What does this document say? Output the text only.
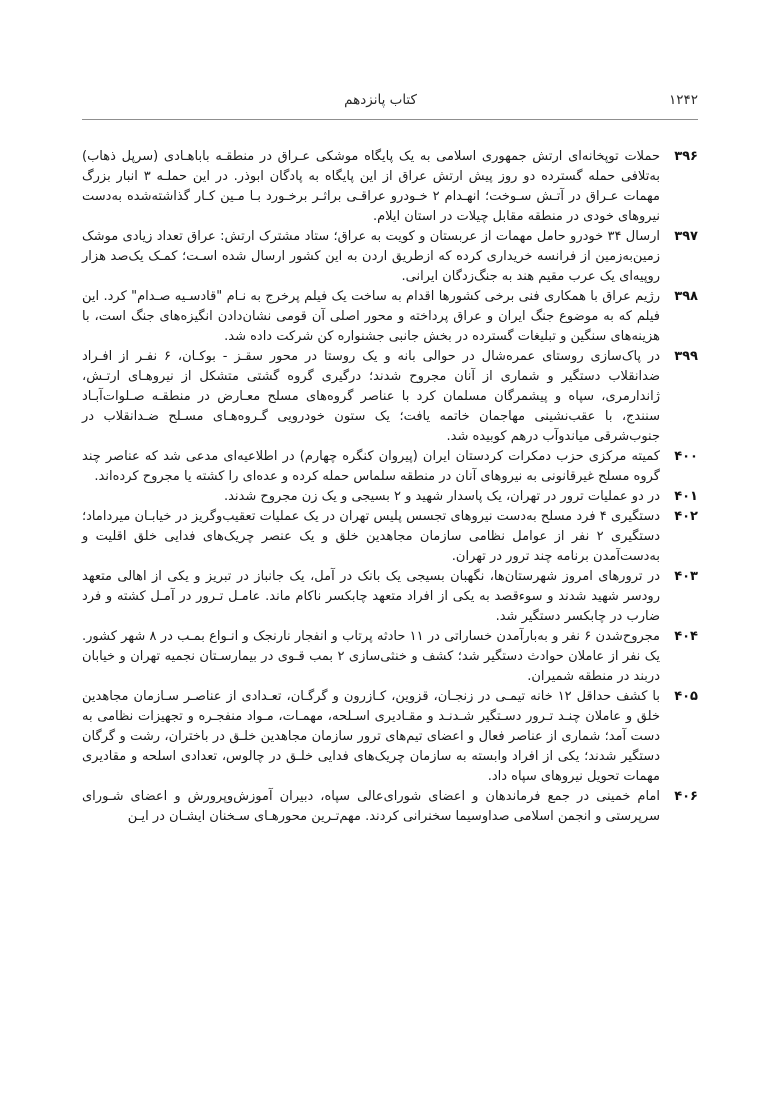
کتاب پانزدهم	۱۲۴۲
۳۹۶
حملات توپخانه‌ای ارتش جمهوری اسلامی به یک پایگاه موشکی عـراق در منطقـه باباهـادی (سرپل ذهاب) به‌تلافی حمله گسترده دو روز پیش ارتش عراق از این پایگاه به پادگان ابوذر. در این حملـه ۳ انبار بزرگ مهمات عـراق در آتـش سـوخت؛ انهـدام ۲ خـودرو عراقـی براثـر برخـورد بـا مـین کـار گذاشته‌شده به‌دست نیروهای خودی در منطقه مقابل چیلات در استان ایلام.
۳۹۷
ارسال ۳۴ خودرو حامل مهمات از عربستان و کویت به عراق؛ ستاد مشترک ارتش: عراق تعداد زیادی موشک زمین‌به‌زمین از فرانسه خریداری کرده که ازطریق اردن به این کشور ارسال شده اسـت؛ کمـک یک‌صد هزار روپیه‌ای یک عرب مقیم هند به جنگ‌زدگان ایرانی.
۳۹۸
رژیم عراق با همکاری فنی برخی کشورها اقدام به ساخت یک فیلم پرخرج به نـام "قادسـیه صـدام" کرد. این فیلم که به موضوع جنگ ایران و عراق پرداخته و محور اصلی آن قومی نشان‌دادن انگیزه‌های جنگ است، با هزینه‌های سنگین و تبلیغات گسترده در بخش جانبی جشنواره کن شرکت داده شد.
۳۹۹
در پاک‌سازی روستای عمره‌شال در حوالی بانه و یک روستا در محور سقـز - بوکـان، ۶ نفـر از افـراد ضدانقلاب دستگیر و شماری از آنان مجروح شدند؛ درگیری گروه گشتی متشکل از نیروهـای ارتـش، ژاندارمری، سپاه و پیشمرگان مسلمان کرد با عناصر گروه‌های مسلح معـارض در منطقـه صـلوات‌آبـاد سنندج، با عقب‌نشینی مهاجمان خاتمه یافت؛ یک ستون خودرویی گـروه‌هـای مسـلح ضـدانقلاب در جنوب‌شرقی میاندوآب درهم کوبیده شد.
۴۰۰
کمیته مرکزی حزب دمکرات کردستان ایران (پیروان کنگره چهارم) در اطلاعیه‌ای مدعی شد که عناصر چند گروه مسلح غیرقانونی به نیروهای آنان در منطقه سلماس حمله کرده و عده‌ای را کشته یا مجروح کرده‌اند.
۴۰۱
در دو عملیات ترور در تهران، یک پاسدار شهید و ۲ بسیجی و یک زن مجروح شدند.
۴۰۲
دستگیری ۴ فرد مسلح به‌دست نیروهای تجسس پلیس تهران در یک عملیات تعقیب‌وگریز در خیابـان میرداماد؛ دستگیری ۲ نفر از عوامل نظامی سازمان مجاهدین خلق و یک عنصر چریک‌های فدایی خلق اقلیت و به‌دست‌آمدن برنامه چند ترور در تهران.
۴۰۳
در ترورهای امروز شهرستان‌ها، نگهبان بسیجی یک بانک در آمل، یک جانباز در تبریز و یکی از اهالی متعهد رودسر شهید شدند و سوءقصد به یکی از افراد متعهد چابکسر ناکام ماند. عامـل تـرور در آمـل کشته و فرد ضارب در چابکسر دستگیر شد.
۴۰۴
مجروح‌شدن ۶ نفر و به‌بارآمدن خساراتی در ۱۱ حادثه پرتاب و انفجار نارنجک و انـواع بمـب در ۸ شهر کشور. یک نفر از عاملان حوادث دستگیر شد؛ کشف و خنثی‌سازی ۲ بمب قـوی در بیمارسـتان نجمیه تهران و خیابان دربند در منطقه شمیران.
۴۰۵
با کشف حداقل ۱۲ خانه تیمـی در زنجـان، قزوین، کـازرون و گرگـان، تعـدادی از عناصـر سـازمان مجاهدین خلق و عاملان چنـد تـرور دسـتگیر شـدنـد و مقـادیری اسـلحه، مهمـات، مـواد منفجـره و تجهیزات نظامی به دست آمد؛ شماری از عناصر فعال و اعضای تیم‌های ترور سازمان مجاهدین خلـق در باختران، رشت و گرگان دستگیر شدند؛ یکی از افراد وابسته به سازمان چریک‌های فدایی خلـق در چالوس، تعدادی اسلحه و مقادیری مهمات تحویل نیروهای سپاه داد.
۴۰۶
امام خمینی در جمع فرماندهان و اعضای شورای‌عالی سپاه، دبیران آموزش‌وپرورش و اعضای شـورای سرپرستی و انجمن اسلامی صداوسیما سخنرانی کردند. مهم‌تـرین محورهـای سـخنان ایشـان در ایـن
